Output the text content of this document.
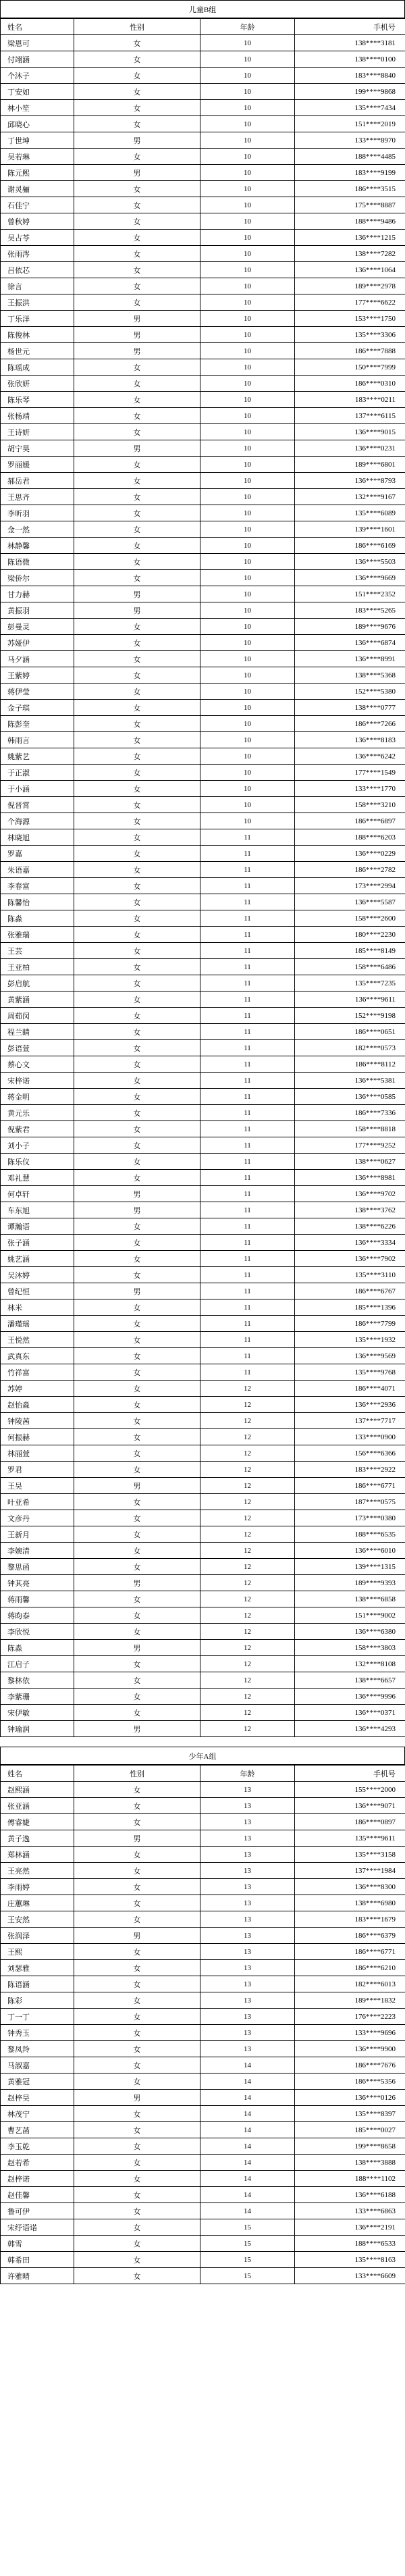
儿童B组
姓名	性别	年龄	手机号
梁恩可	女	10	138****3181
付翊涵	女	10	138****0100
个沐子	女	10	183****8840
丁安如	女	10	199****9868
林小笙	女	10	135****7434
邱晓心	女	10	151****2019
丁世坤	男	10	133****8970
吴若琳	女	10	188****4485
陈元熙	男	10	183****9199
谢灵骊	女	10	186****3515
石佳宁	女	10	175****8887
曾秋婷	女	10	188****9486
吴占苓	女	10	136****1215
张雨涔	女	10	138****7282
吕依芯	女	10	136****1064
徐言	女	10	189****2978
王振洪	女	10	177****6622
丁乐洋	男	10	153****1750
陈俊林	男	10	135****3306
杨世元	男	10	186****7888
陈瑶成	女	10	150****7999
张欣妍	女	10	186****0310
陈乐琴	女	10	183****0211
张杨靖	女	10	137****6115
王诗妍	女	10	136****9015
胡宁昊	男	10	136****0231
罗丽媛	女	10	189****6801
郝岳君	女	10	136****8793
王思齐	女	10	132****9167
李昕羽	女	10	135****6089
金一然	女	10	139****1601
林静馨	女	10	186****6169
陈语微	女	10	136****5503
梁侨尔	女	10	136****9669
甘力赫	男	10	151****2352
黄振羽	男	10	183****5265
彭曼灵	女	10	189****9676
苏娅伊	女	10	136****6874
马夕涵	女	10	136****8991
王紫婷	女	10	138****5368
蒋伊莹	女	10	152****5380
金子琪	女	10	138****0777
陈彭奎	女	10	186****7266
韩雨言	女	10	136****8183
姚紫艺	女	10	136****6242
于正淑	女	10	177****1549
于小涵	女	10	133****1770
倪晋霄	女	10	158****3210
个海源	女	10	186****6897
林晓旭	女	11	188****6203
罗嘉	女	11	136****0229
朱语嘉	女	11	186****2782
李春富	女	11	173****2994
陈馨怡	女	11	136****5587
陈淼	女	11	158****2600
张雅瑞	女	11	180****2230
王芸	女	11	185****8149
王亚柏	女	11	158****6486
彭启航	女	11	135****7235
黄紫涵	女	11	136****9611
周茹闵	女	11	152****9198
程兰睛	女	11	186****0651
彭语萱	女	11	182****0573
蔡心文	女	11	186****8112
宋梓诺	女	11	136****5381
蒋金明	女	11	136****0585
黄元乐	女	11	186****7336
倪紫君	女	11	158****8818
刘小子	女	11	177****9252
陈乐仪	女	11	138****0627
邓礼慧	女	11	136****8981
何卓轩	男	11	136****9702
车东旭	男	11	138****3762
谭瀚语	女	11	138****6226
张子涵	女	11	136****3334
姚艺涵	女	11	136****7902
吴沐婷	女	11	135****3110
曾纪恒	男	11	186****6767
林米	女	11	185****1396
潘瑾瑶	女	11	186****7799
王悦然	女	11	135****1932
武真东	女	11	136****9569
竹祥富	女	11	135****9768
苏婷	女	12	186****4071
赵怡淼	女	12	136****2936
钟陵茜	女	12	137****7717
何振赫	女	12	133****0900
林丽萱	女	12	156****6366
罗君	女	12	183****2922
王昊	男	12	186****6771
叶亚希	女	12	187****0575
文彦丹	女	12	173****0380
王新月	女	12	188****6535
李婉清	女	12	136****6010
黎思函	女	12	139****1315
钟其亮	男	12	189****9393
蒋雨馨	女	12	138****6858
蒋昀泰	女	12	151****9002
李欣悦	女	12	136****6380
陈淼	男	12	158****3803
江启子	女	12	132****8108
黎林依	女	12	138****6657
李紫珊	女	12	136****9996
宋伊敏	女	12	136****0371
钟瑜润	男	12	136****4293
少年A组
姓名	性别	年龄	手机号
赵熙涵	女	13	155****2000
张亚涵	女	13	136****9071
傅睿婕	女	13	186****0897
黄子逸	男	13	135****9611
郑林涵	女	13	135****3158
王亮然	女	13	137****1984
李雨婷	女	13	136****8300
庄蕙琳	女	13	138****6980
王安然	女	13	183****1679
张润泽	男	13	186****6379
王熙	女	13	186****6771
刘瑟雅	女	13	186****6210
陈语涵	女	13	182****6013
陈彩	女	13	189****1832
丁一丁	女	13	176****2223
钟秀玉	女	13	133****9696
黎凤羚	女	13	136****9900
马淑嘉	女	14	186****7676
黄雅冠	女	14	186****5356
赵梓昊	男	14	136****0126
林茂宁	女	14	135****8397
曹艺菡	女	14	185****0027
李玉乾	女	14	199****8658
赵若希	女	14	138****3888
赵梓诺	女	14	188****1102
赵佳馨	女	14	136****6188
鲁可伊	女	14	133****6863
宋纾语诺	女	15	136****2191
韩雪	女	15	188****6533
韩希田	女	15	135****8163
许雅晴	女	15	133****6609
